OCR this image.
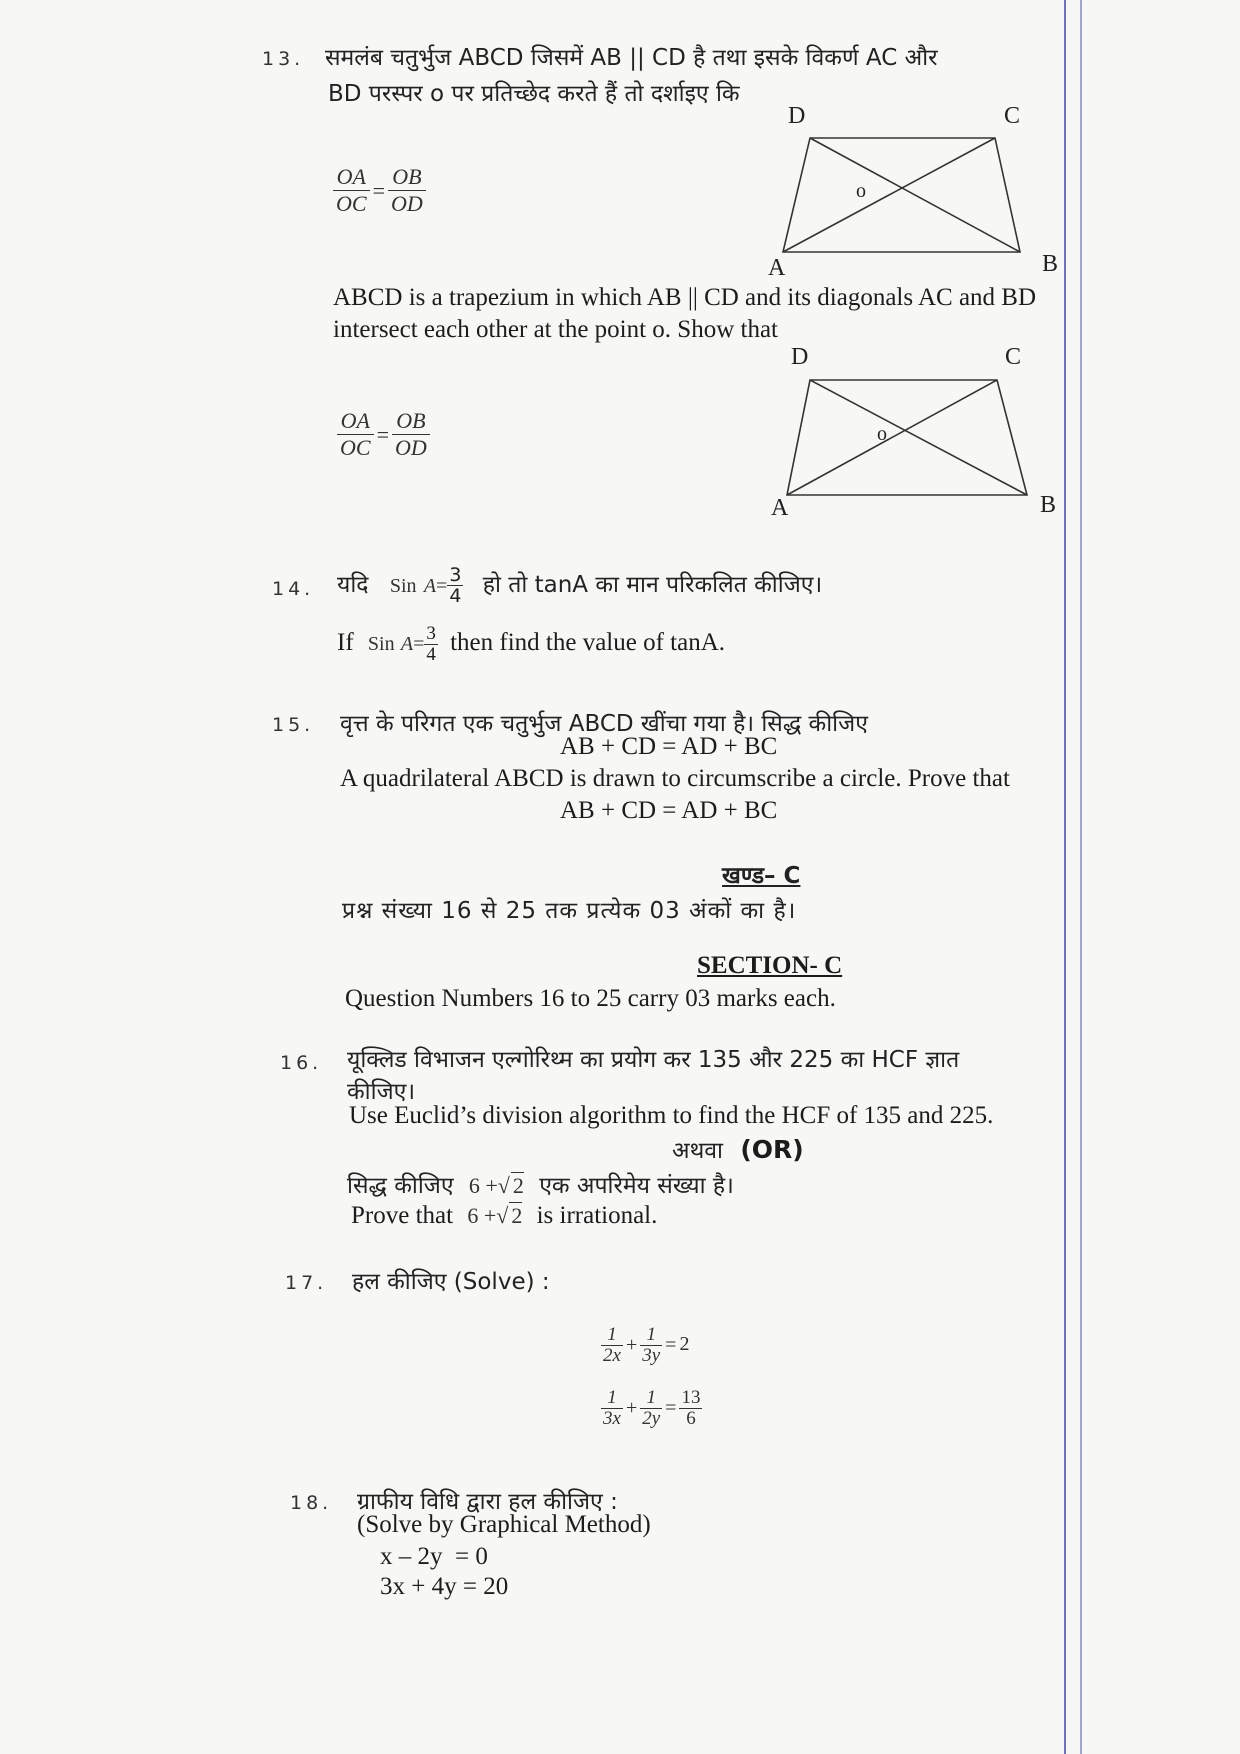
13. समलंब चतुर्भुज ABCD जिसमें AB || CD है तथा इसके विकर्ण AC और
BD परस्पर o पर प्रतिच्छेद करते हैं तो दर्शाइए कि
$\frac{OA}{OC} = \frac{OB}{OD}$
D	C
o
A	B
ABCD is a trapezium in which AB || CD and its diagonals AC and BD
intersect each other at the point o. Show that
$\frac{OA}{OC} = \frac{OB}{OD}$
D	C
o
A	B
14. यदि Sin $A= \frac{3}{4}$ हो तो tanA का मान परिकलित कीजिए।
If Sin $A= \frac{3}{4}$ then find the value of tanA.
15. वृत्त के परिगत एक चतुर्भुज ABCD खींचा गया है। सिद्ध कीजिए
AB + CD = AD + BC
A quadrilateral ABCD is drawn to circumscribe a circle. Prove that
AB + CD = AD + BC
खण्ड– C
प्रश्न संख्या 16 से 25 तक प्रत्येक 03 अंकों का है।
SECTION- C
Question Numbers 16 to 25 carry 03 marks each.
16. यूक्लिड विभाजन एल्गोरिथ्म का प्रयोग कर 135 और 225 का HCF ज्ञात
कीजिए।
Use Euclid’s division algorithm to find the HCF of 135 and 225.
अथवा (OR)
सिद्ध कीजिए 6 +√ 2 एक अपरिमेय संख्या है।
Prove that 6 +√ 2 is irrational.
17. हल कीजिए (Solve) :
$\frac{1}{2x} + \frac{1}{3y} = 2$
$\frac{1}{3x} + \frac{1}{2y} = \frac{13}{6}$
18. ग्राफीय विधि द्वारा हल कीजिए :
(Solve by Graphical Method)
x – 2y  = 0
3x + 4y = 20
